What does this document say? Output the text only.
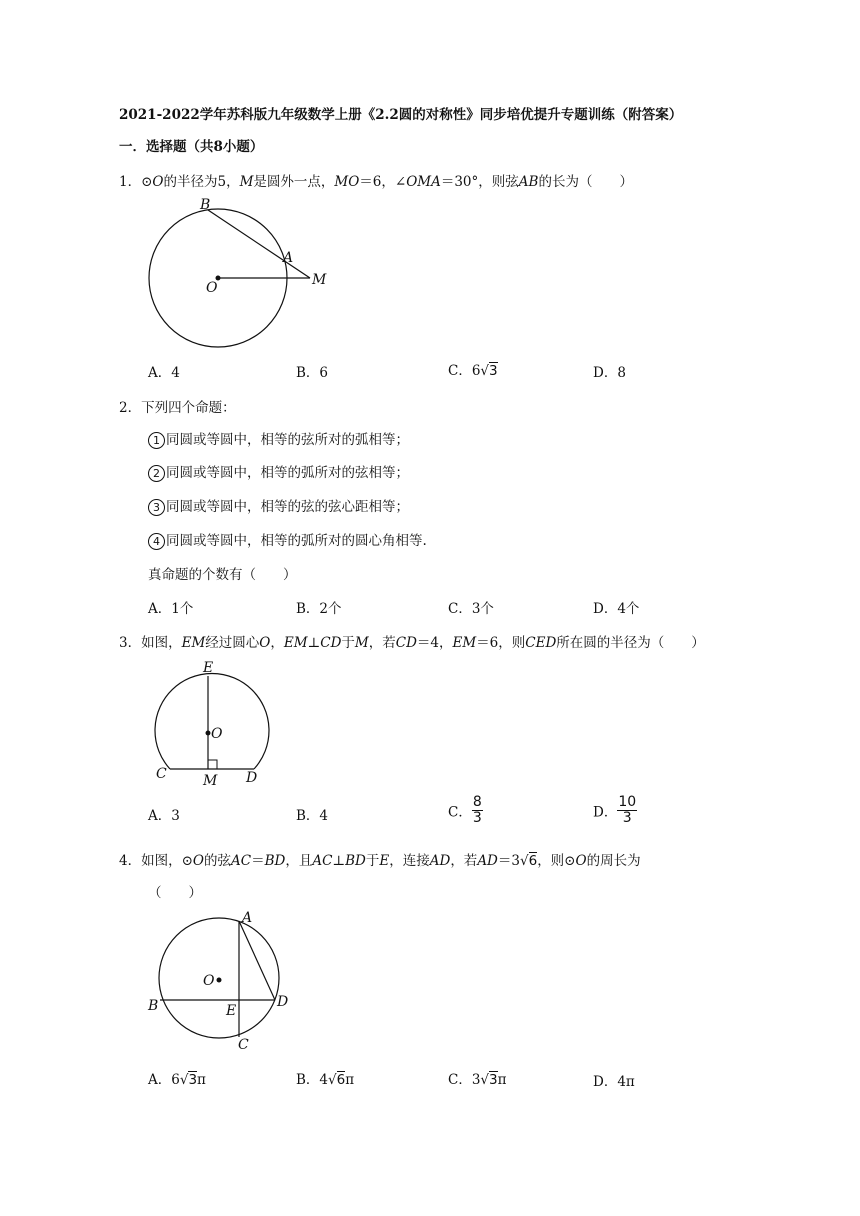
2021-2022学年苏科版九年级数学上册《2.2圆的对称性》同步培优提升专题训练（附答案）
一．选择题（共8小题）
1．⊙O的半径为5，M是圆外一点，MO＝6，∠OMA＝30°，则弦AB的长为（　　）
B
A
O	M
A．4	B．6	C．6√3	D．8
2．下列四个命题：
1 同圆或等圆中，相等的弦所对的弧相等；
2 同圆或等圆中，相等的弧所对的弦相等；
3 同圆或等圆中，相等的弦的弦心距相等；
4 同圆或等圆中，相等的弧所对的圆心角相等.
真命题的个数有（　　）
A．1个	B．2个	C．3个	D．4个
3．如图，EM经过圆心O，EM⊥CD于M，若CD＝4，EM＝6，则CED所在圆的半径为（　　）
E
O
C	M D
A．3	B．4	C． $\frac{8}{3}$	D． $\frac{10}{3}$
4．如图，⊙O的弦AC＝BD，且AC⊥BD于E，连接AD，若AD＝3√6，则⊙O的周长为
（　　）
A
O
B	E
D
C
A．6√3π	B．4√6π	C．3√3π	D．4π
